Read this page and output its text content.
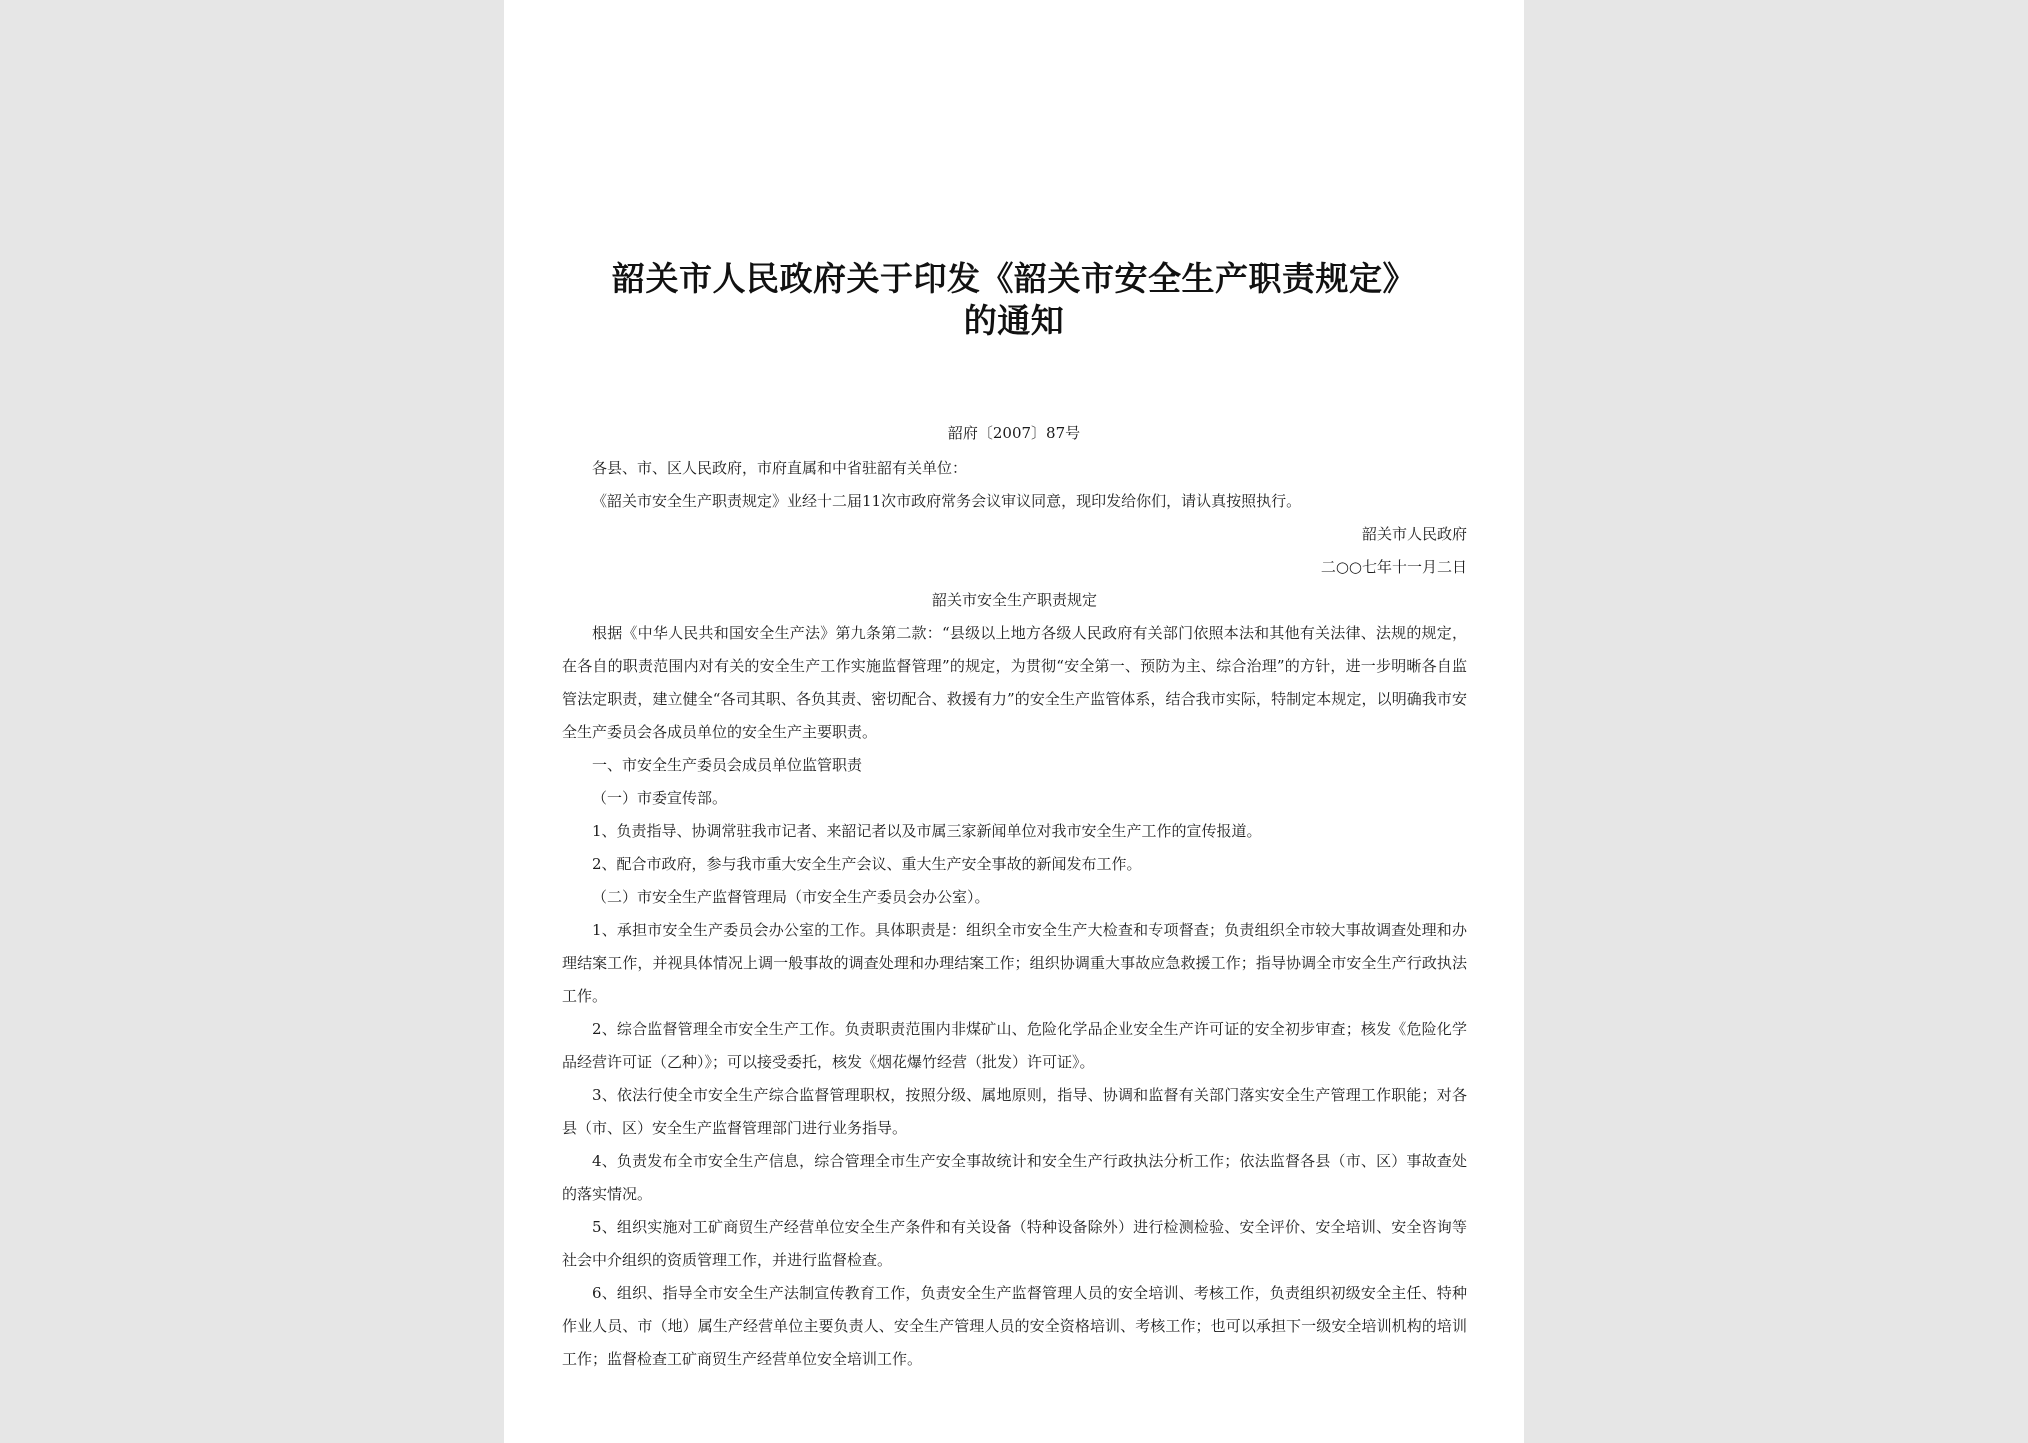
韶关市人民政府关于印发《韶关市安全生产职责规定》的通知

韶府〔2007〕87号

各县、市、区人民政府，市府直属和中省驻韶有关单位：

《韶关市安全生产职责规定》业经十二届11次市政府常务会议审议同意，现印发给你们，请认真按照执行。

韶关市人民政府

二○○七年十一月二日

韶关市安全生产职责规定

根据《中华人民共和国安全生产法》第九条第二款：“县级以上地方各级人民政府有关部门依照本法和其他有关法律、法规的规定，在各自的职责范围内对有关的安全生产工作实施监督管理”的规定，为贯彻“安全第一、预防为主、综合治理”的方针，进一步明晰各自监管法定职责，建立健全“各司其职、各负其责、密切配合、救援有力”的安全生产监管体系，结合我市实际，特制定本规定，以明确我市安全生产委员会各成员单位的安全生产主要职责。

一、市安全生产委员会成员单位监管职责

（一）市委宣传部。

1、负责指导、协调常驻我市记者、来韶记者以及市属三家新闻单位对我市安全生产工作的宣传报道。

2、配合市政府，参与我市重大安全生产会议、重大生产安全事故的新闻发布工作。

（二）市安全生产监督管理局（市安全生产委员会办公室）。

1、承担市安全生产委员会办公室的工作。具体职责是：组织全市安全生产大检查和专项督查；负责组织全市较大事故调查处理和办理结案工作，并视具体情况上调一般事故的调查处理和办理结案工作；组织协调重大事故应急救援工作；指导协调全市安全生产行政执法工作。

2、综合监督管理全市安全生产工作。负责职责范围内非煤矿山、危险化学品企业安全生产许可证的安全初步审查；核发《危险化学品经营许可证（乙种）》；可以接受委托，核发《烟花爆竹经营（批发）许可证》。

3、依法行使全市安全生产综合监督管理职权，按照分级、属地原则，指导、协调和监督有关部门落实安全生产管理工作职能；对各县（市、区）安全生产监督管理部门进行业务指导。

4、负责发布全市安全生产信息，综合管理全市生产安全事故统计和安全生产行政执法分析工作；依法监督各县（市、区）事故查处的落实情况。

5、组织实施对工矿商贸生产经营单位安全生产条件和有关设备（特种设备除外）进行检测检验、安全评价、安全培训、安全咨询等社会中介组织的资质管理工作，并进行监督检查。

6、组织、指导全市安全生产法制宣传教育工作，负责安全生产监督管理人员的安全培训、考核工作，负责组织初级安全主任、特种作业人员、市（地）属生产经营单位主要负责人、安全生产管理人员的安全资格培训、考核工作；也可以承担下一级安全培训机构的培训工作；监督检查工矿商贸生产经营单位安全培训工作。
